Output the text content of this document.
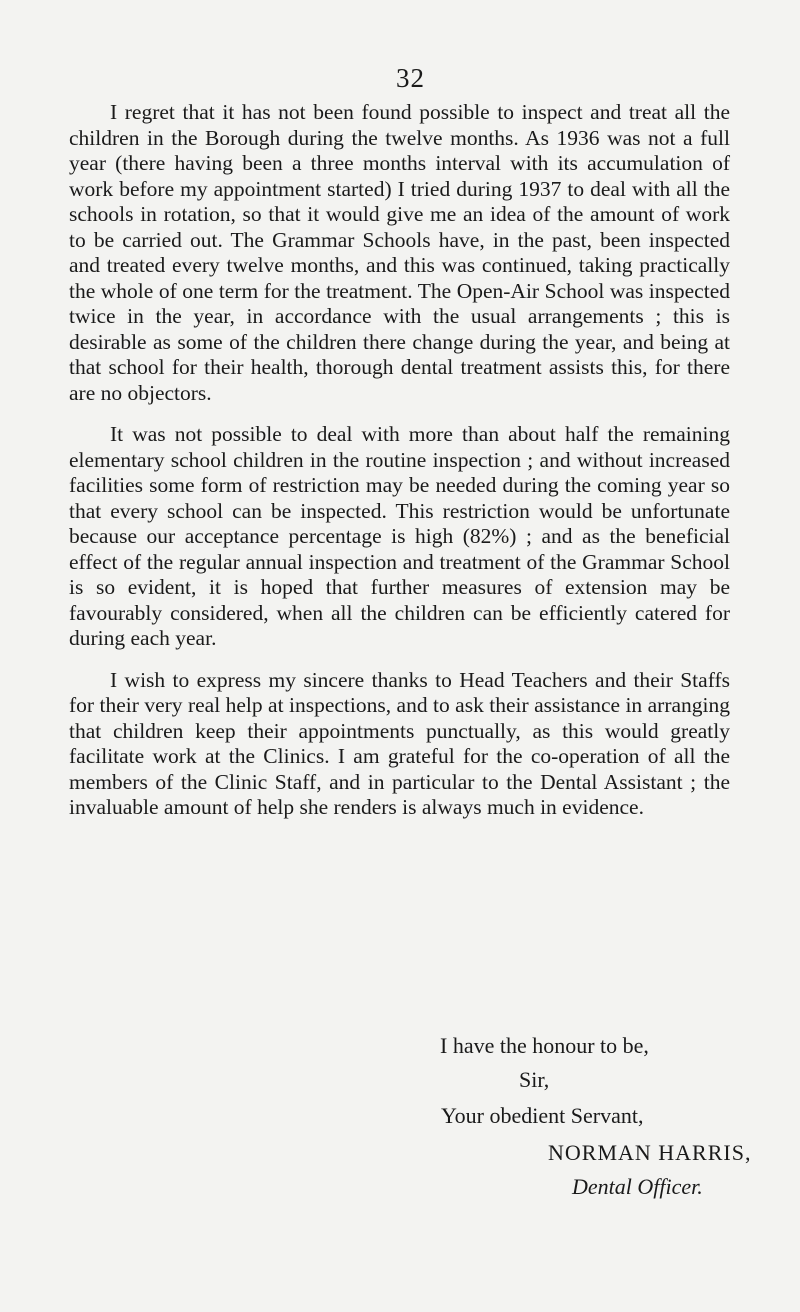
32

I regret that it has not been found possible to inspect and treat all the children in the Borough during the twelve months. As 1936 was not a full year (there having been a three months interval with its accumulation of work before my appointment started) I tried during 1937 to deal with all the schools in rotation, so that it would give me an idea of the amount of work to be carried out. The Grammar Schools have, in the past, been inspected and treated every twelve months, and this was continued, taking practically the whole of one term for the treatment. The Open-Air School was inspected twice in the year, in accordance with the usual arrangements ; this is desirable as some of the children there change during the year, and being at that school for their health, thorough dental treatment assists this, for there are no objectors.

It was not possible to deal with more than about half the remaining elementary school children in the routine inspection ; and without increased facilities some form of restriction may be needed during the coming year so that every school can be inspected. This restriction would be unfortunate because our acceptance percentage is high (82%) ; and as the beneficial effect of the regular annual inspection and treatment of the Grammar School is so evident, it is hoped that further measures of extension may be favourably considered, when all the children can be efficiently catered for during each year.

I wish to express my sincere thanks to Head Teachers and their Staffs for their very real help at inspections, and to ask their assistance in arranging that children keep their appointments punctually, as this would greatly facilitate work at the Clinics. I am grateful for the co-operation of all the members of the Clinic Staff, and in particular to the Dental Assistant ; the invaluable amount of help she renders is always much in evidence.

I have the honour to be,
Sir,
Your obedient Servant,
NORMAN HARRIS,
Dental Officer.
